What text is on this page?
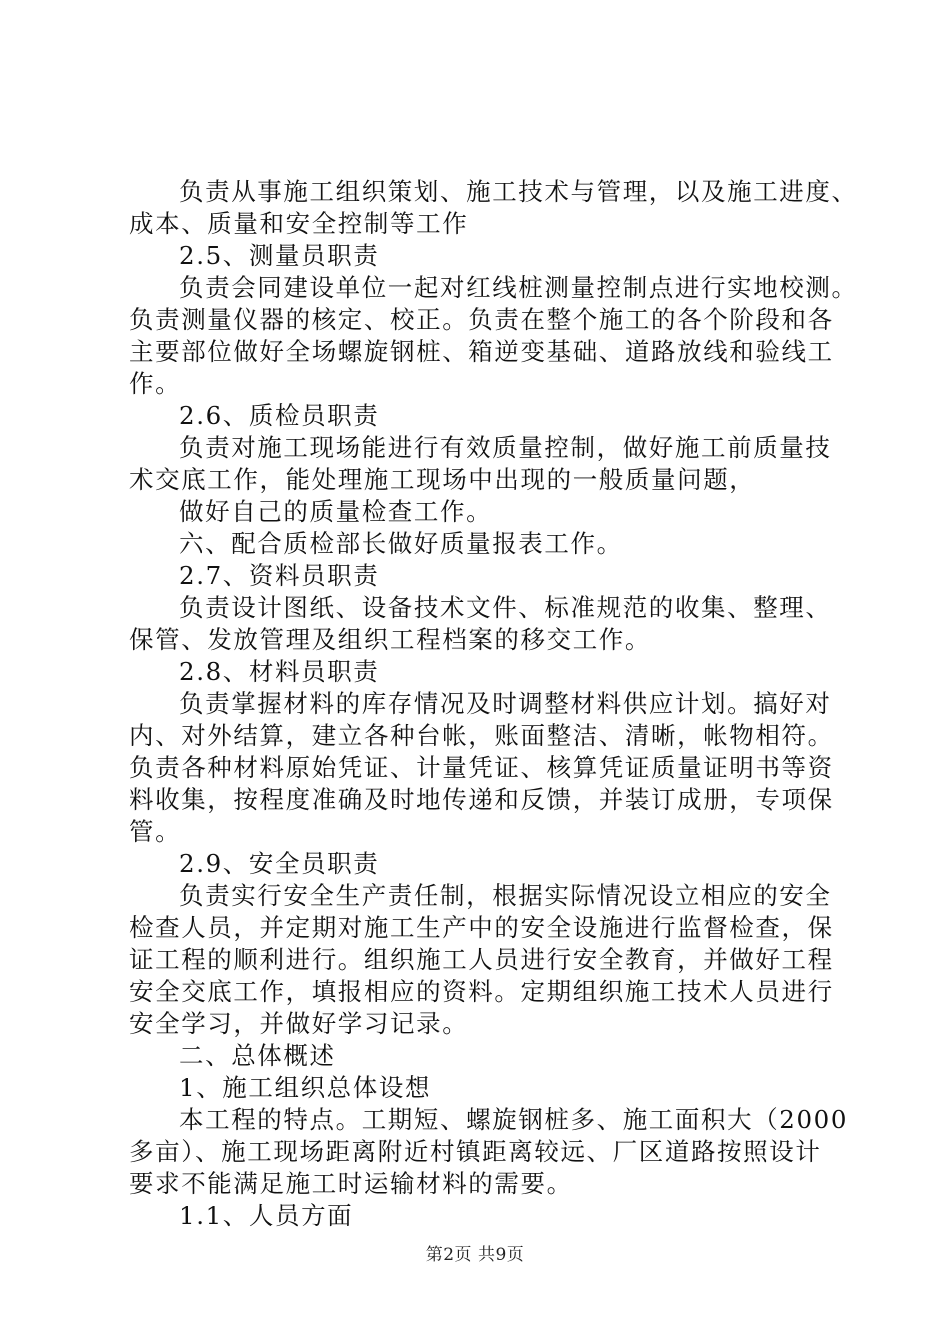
负责从事施工组织策划、施工技术与管理，以及施工进度、
成本、质量和安全控制等工作
2.5、测量员职责
负责会同建设单位一起对红线桩测量控制点进行实地校测。
负责测量仪器的核定、校正。负责在整个施工的各个阶段和各
主要部位做好全场螺旋钢桩、箱逆变基础、道路放线和验线工
作。
2.6、质检员职责
负责对施工现场能进行有效质量控制，做好施工前质量技
术交底工作，能处理施工现场中出现的一般质量问题，
做好自己的质量检查工作。
六、配合质检部长做好质量报表工作。
2.7、资料员职责
负责设计图纸、设备技术文件、标准规范的收集、整理、
保管、发放管理及组织工程档案的移交工作。
2.8、材料员职责
负责掌握材料的库存情况及时调整材料供应计划。搞好对
内、对外结算，建立各种台帐，账面整洁、清晰，帐物相符。
负责各种材料原始凭证、计量凭证、核算凭证质量证明书等资
料收集，按程度准确及时地传递和反馈，并装订成册，专项保
管。
2.9、安全员职责
负责实行安全生产责任制，根据实际情况设立相应的安全
检查人员，并定期对施工生产中的安全设施进行监督检查，保
证工程的顺利进行。组织施工人员进行安全教育，并做好工程
安全交底工作，填报相应的资料。定期组织施工技术人员进行
安全学习，并做好学习记录。
二、总体概述
1、施工组织总体设想
本工程的特点。工期短、螺旋钢桩多、施工面积大（2000
多亩）、施工现场距离附近村镇距离较远、厂区道路按照设计
要求不能满足施工时运输材料的需要。
1.1、人员方面
第2页 共9页
